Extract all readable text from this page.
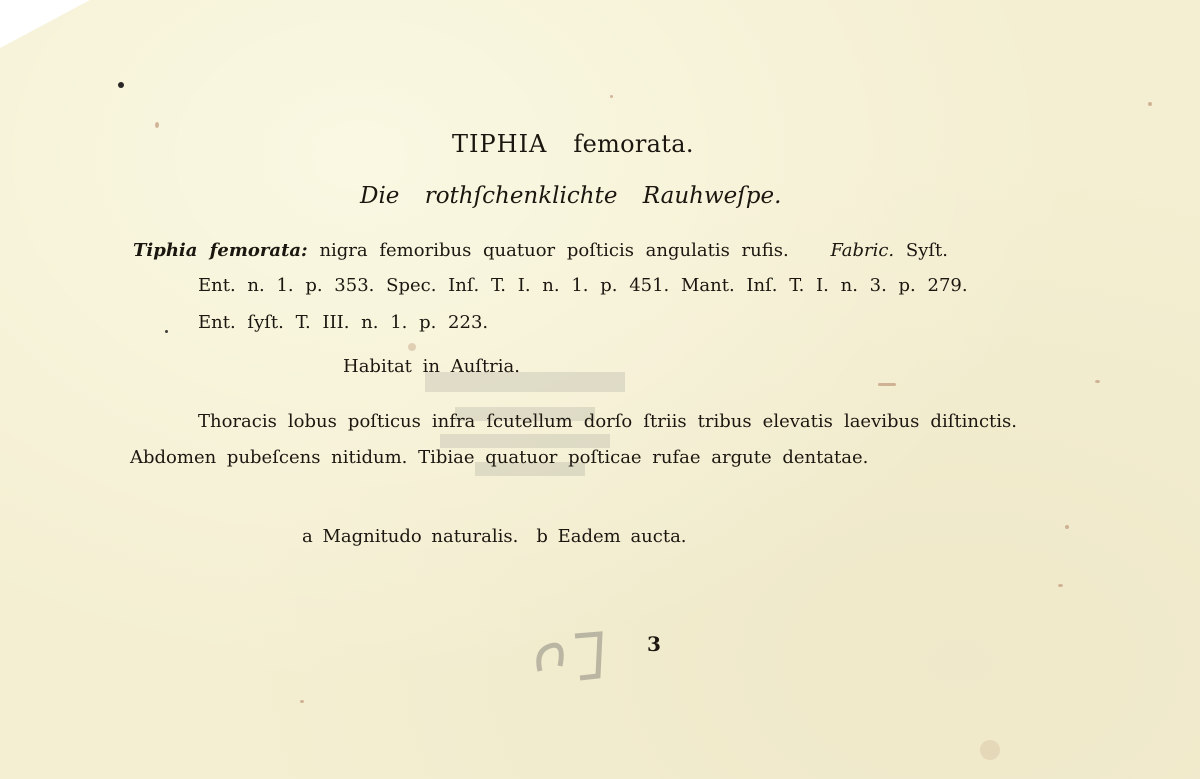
TIPHIA femorata.
Die rothſchenklichte Rauhweſpe.
Tiphia femorata: nigra femoribus quatuor poſticis angulatis rufis. Fabric. Syſt.
Ent. n. 1. p. 353. Spec. Inſ. T. I. n. 1. p. 451. Mant. Inſ. T. I. n. 3. p. 279.
Ent. ſyſt. T. III. n. 1. p. 223.
Habitat in Auſtria.
Thoracis lobus poſticus infra ſcutellum dorſo ſtriis tribus elevatis laevibus diſtinctis. Abdomen pubeſcens nitidum. Tibiae quatuor poſticae rufae argute dentatae.
a Magnitudo naturalis. b Eadem aucta.
3
